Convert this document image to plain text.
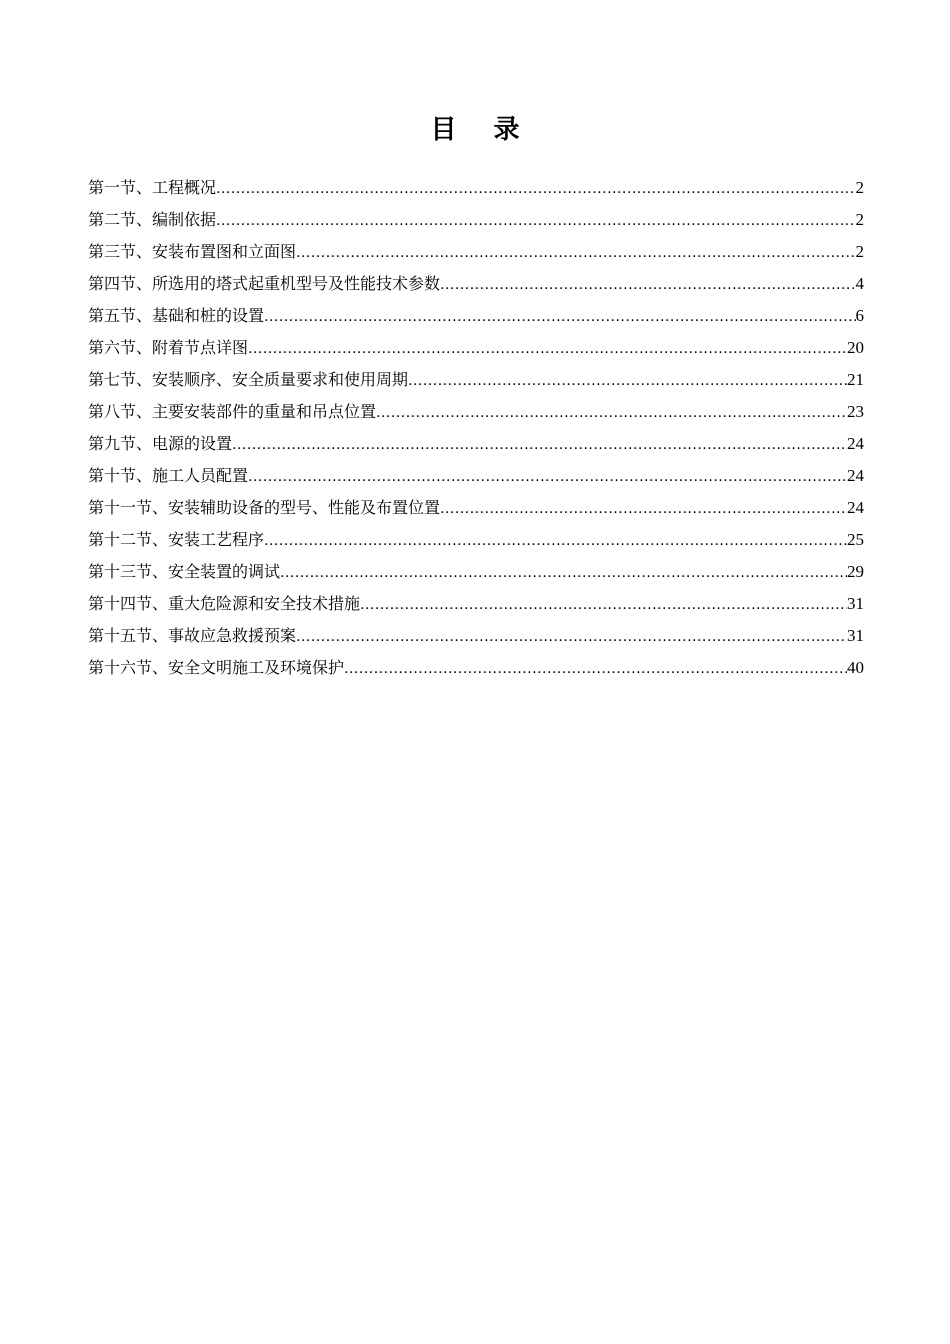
目 录
第一节、工程概况 .....	2
第二节、编制依据 .....	2
第三节、安装布置图和立面图 .....	2
第四节、所选用的塔式起重机型号及性能技术参数 .....	4
第五节、基础和桩的设置 .....	6
第六节、附着节点详图 .....	20
第七节、安装顺序、安全质量要求和使用周期 .....	21
第八节、主要安装部件的重量和吊点位置 .....	23
第九节、电源的设置 .....	24
第十节、施工人员配置 .....	24
第十一节、安装辅助设备的型号、性能及布置位置 .....	24
第十二节、安装工艺程序 .....	25
第十三节、安全装置的调试 .....	29
第十四节、重大危险源和安全技术措施 .....	31
第十五节、事故应急救援预案 .....	31
第十六节、安全文明施工及环境保护 .....	40
